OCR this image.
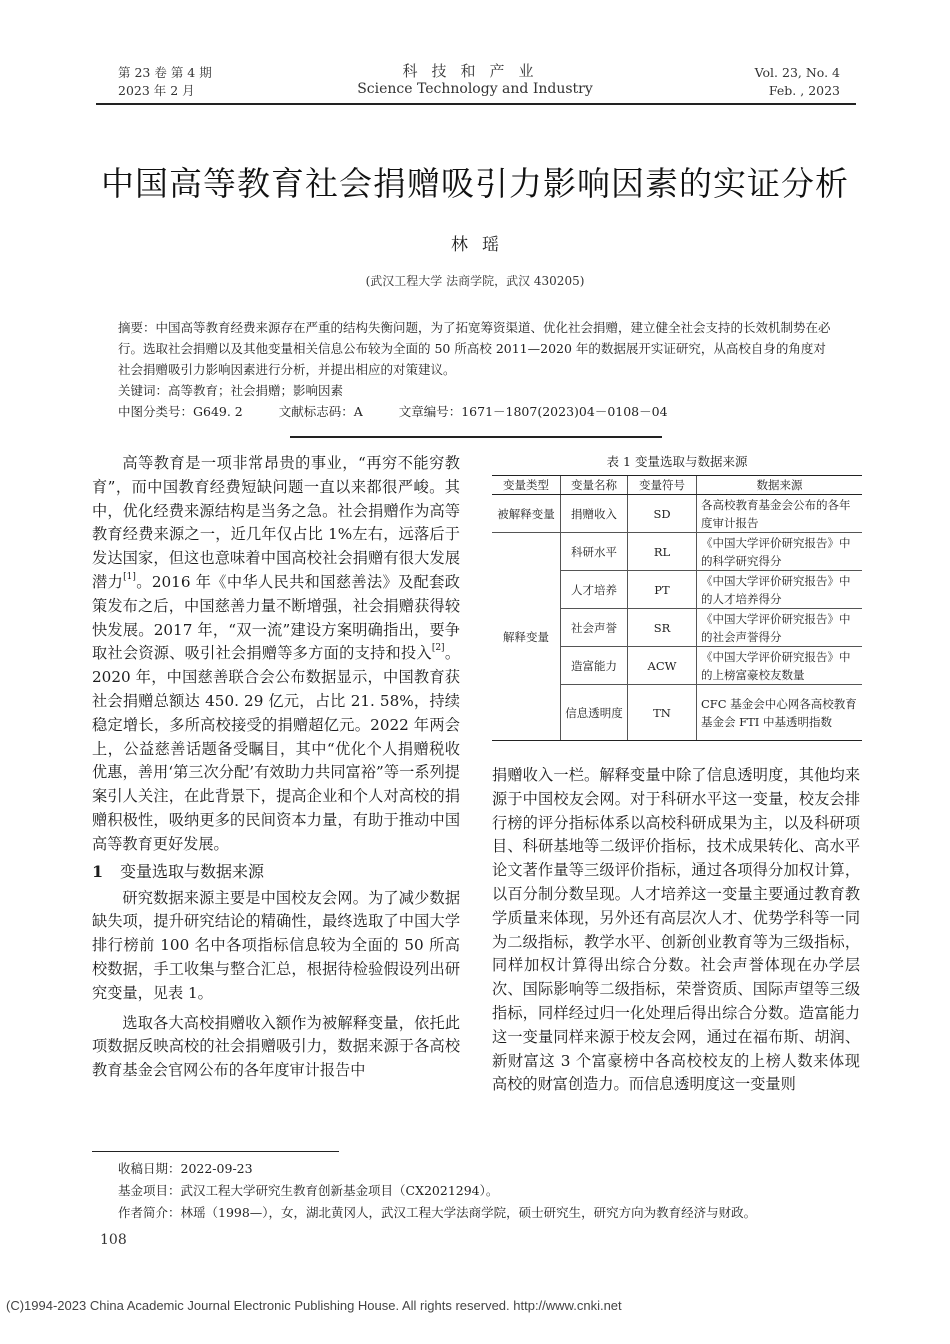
第 23 卷 第 4 期
2023 年 2 月
科技和产业
Science Technology and Industry
Vol. 23, No. 4
Feb. , 2023
中国高等教育社会捐赠吸引力影响因素的实证分析
林瑶
(武汉工程大学 法商学院，武汉 430205)
摘要：中国高等教育经费来源存在严重的结构失衡问题，为了拓宽筹资渠道、优化社会捐赠，建立健全社会支持的长效机制势在必行。选取社会捐赠以及其他变量相关信息公布较为全面的 50 所高校 2011—2020 年的数据展开实证研究，从高校自身的角度对社会捐赠吸引力影响因素进行分析，并提出相应的对策建议。
关键词：高等教育；社会捐赠；影响因素
中图分类号：G649. 2	文献标志码：A	文章编号：1671－1807(2023)04－0108－04

高等教育是一项非常昂贵的事业，“再穷不能穷教育”，而中国教育经费短缺问题一直以来都很严峻。其中，优化经费来源结构是当务之急。社会捐赠作为高等教育经费来源之一，近几年仅占比 1%左右，远落后于发达国家，但这也意味着中国高校社会捐赠有很大发展潜力[1]。2016 年《中华人民共和国慈善法》及配套政策发布之后，中国慈善力量不断增强，社会捐赠获得较快发展。2017 年，“双一流”建设方案明确指出，要争取社会资源、吸引社会捐赠等多方面的支持和投入[2]。2020 年，中国慈善联合会公布数据显示，中国教育获社会捐赠总额达 450. 29 亿元，占比 21. 58%，持续稳定增长，多所高校接受的捐赠超亿元。2022 年两会上，公益慈善话题备受瞩目，其中“优化个人捐赠税收优惠，善用‘第三次分配’有效助力共同富裕”等一系列提案引人关注，在此背景下，提高企业和个人对高校的捐赠积极性，吸纳更多的民间资本力量，有助于推动中国高等教育更好发展。

1 变量选取与数据来源

研究数据来源主要是中国校友会网。为了减少数据缺失项，提升研究结论的精确性，最终选取了中国大学排行榜前 100 名中各项指标信息较为全面的 50 所高校数据，手工收集与整合汇总，根据待检验假设列出研究变量，见表 1。

选取各大高校捐赠收入额作为被解释变量，依托此项数据反映高校的社会捐赠吸引力，数据来源于各高校教育基金会官网公布的各年度审计报告中

表 1 变量选取与数据来源
变量类型	变量名称	变量符号	数据来源
被解释变量	捐赠收入	SD	各高校教育基金会公布的各年度审计报告
解释变量	科研水平	RL	《中国大学评价研究报告》中的科学研究得分
	人才培养	PT	《中国大学评价研究报告》中的人才培养得分
	社会声誉	SR	《中国大学评价研究报告》中的社会声誉得分
	造富能力	ACW	《中国大学评价研究报告》中的上榜富豪校友数量
	信息透明度	TN	CFC 基金会中心网各高校教育基金会 FTI 中基透明指数

捐赠收入一栏。解释变量中除了信息透明度，其他均来源于中国校友会网。对于科研水平这一变量，校友会排行榜的评分指标体系以高校科研成果为主，以及科研项目、科研基地等二级评价指标，技术成果转化、高水平论文著作量等三级评价指标，通过各项得分加权计算，以百分制分数呈现。人才培养这一变量主要通过教育教学质量来体现，另外还有高层次人才、优势学科等一同为二级指标，教学水平、创新创业教育等为三级指标，同样加权计算得出综合分数。社会声誉体现在办学层次、国际影响等二级指标，荣誉资质、国际声望等三级指标，同样经过归一化处理后得出综合分数。造富能力这一变量同样来源于校友会网，通过在福布斯、胡润、新财富这 3 个富豪榜中各高校校友的上榜人数来体现高校的财富创造力。而信息透明度这一变量则

收稿日期：2022-09-23
基金项目：武汉工程大学研究生教育创新基金项目（CX2021294）。
作者简介：林瑶（1998—），女，湖北黄冈人，武汉工程大学法商学院，硕士研究生，研究方向为教育经济与财政。
108
(C)1994-2023 China Academic Journal Electronic Publishing House. All rights reserved. http://www.cnki.net
